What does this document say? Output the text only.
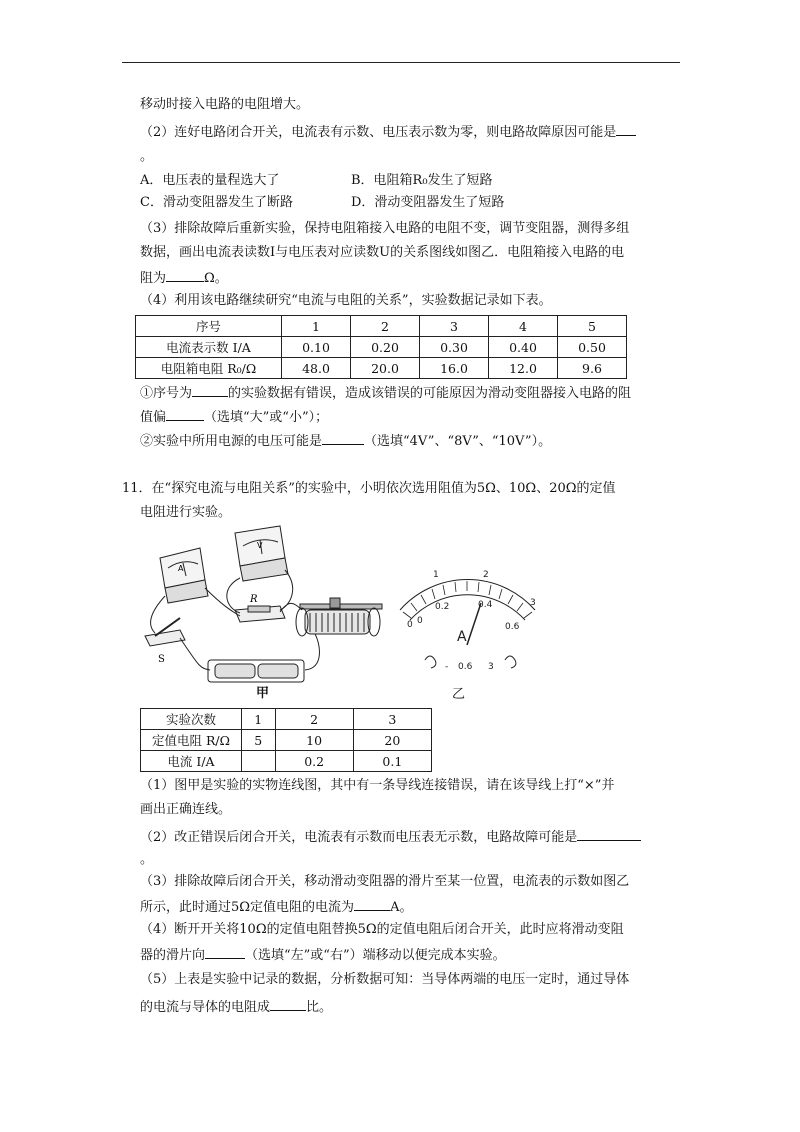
移动时接入电路的电阻增大。
（2）连好电路闭合开关，电流表有示数、电压表示数为零，则电路故障原因可能是
。
A．电压表的量程选大了	B．电阻箱R₀发生了短路
C．滑动变阻器发生了断路	D．滑动变阻器发生了短路
（3）排除故障后重新实验，保持电阻箱接入电路的电阻不变，调节变阻器，测得多组
数据，画出电流表读数I与电压表对应读数U的关系图线如图乙．电阻箱接入电路的电
阻为	Ω。
（4）利用该电路继续研究“电流与电阻的关系”，实验数据记录如下表。
序号	1	2	3	4	5
电流表示数 I/A	0.10	0.20	0.30	0.40	0.50
电阻箱电阻 R₀/Ω	48.0	20.0	16.0	12.0	9.6
①序号为	的实验数据有错误，造成该错误的可能原因为滑动变阻器接入电路的阻
值偏	（选填“大”或“小”）；
②实验中所用电源的电压可能是	（选填“4V”、“8V”、“10V”）。
11．在“探究电流与电阻关系”的实验中，小明依次选用阻值为5Ω、10Ω、20Ω的定值
电阻进行实验。
A
V
R
S
甲
0
1	2
3
0
0.2	0.4
0.6
A
- 0.6 3
乙
实验次数	1	2	3
定值电阻 R/Ω	5	10	20
电流 I/A		0.2	0.1
（1）图甲是实验的实物连线图，其中有一条导线连接错误，请在该导线上打“×”并
画出正确连线。
（2）改正错误后闭合开关，电流表有示数而电压表无示数，电路故障可能是
。
（3）排除故障后闭合开关，移动滑动变阻器的滑片至某一位置，电流表的示数如图乙
所示，此时通过5Ω定值电阻的电流为	A。
（4）断开开关将10Ω的定值电阻替换5Ω的定值电阻后闭合开关，此时应将滑动变阻
器的滑片向	（选填“左”或“右”）端移动以便完成本实验。
（5）上表是实验中记录的数据，分析数据可知：当导体两端的电压一定时，通过导体
的电流与导体的电阻成	比。
